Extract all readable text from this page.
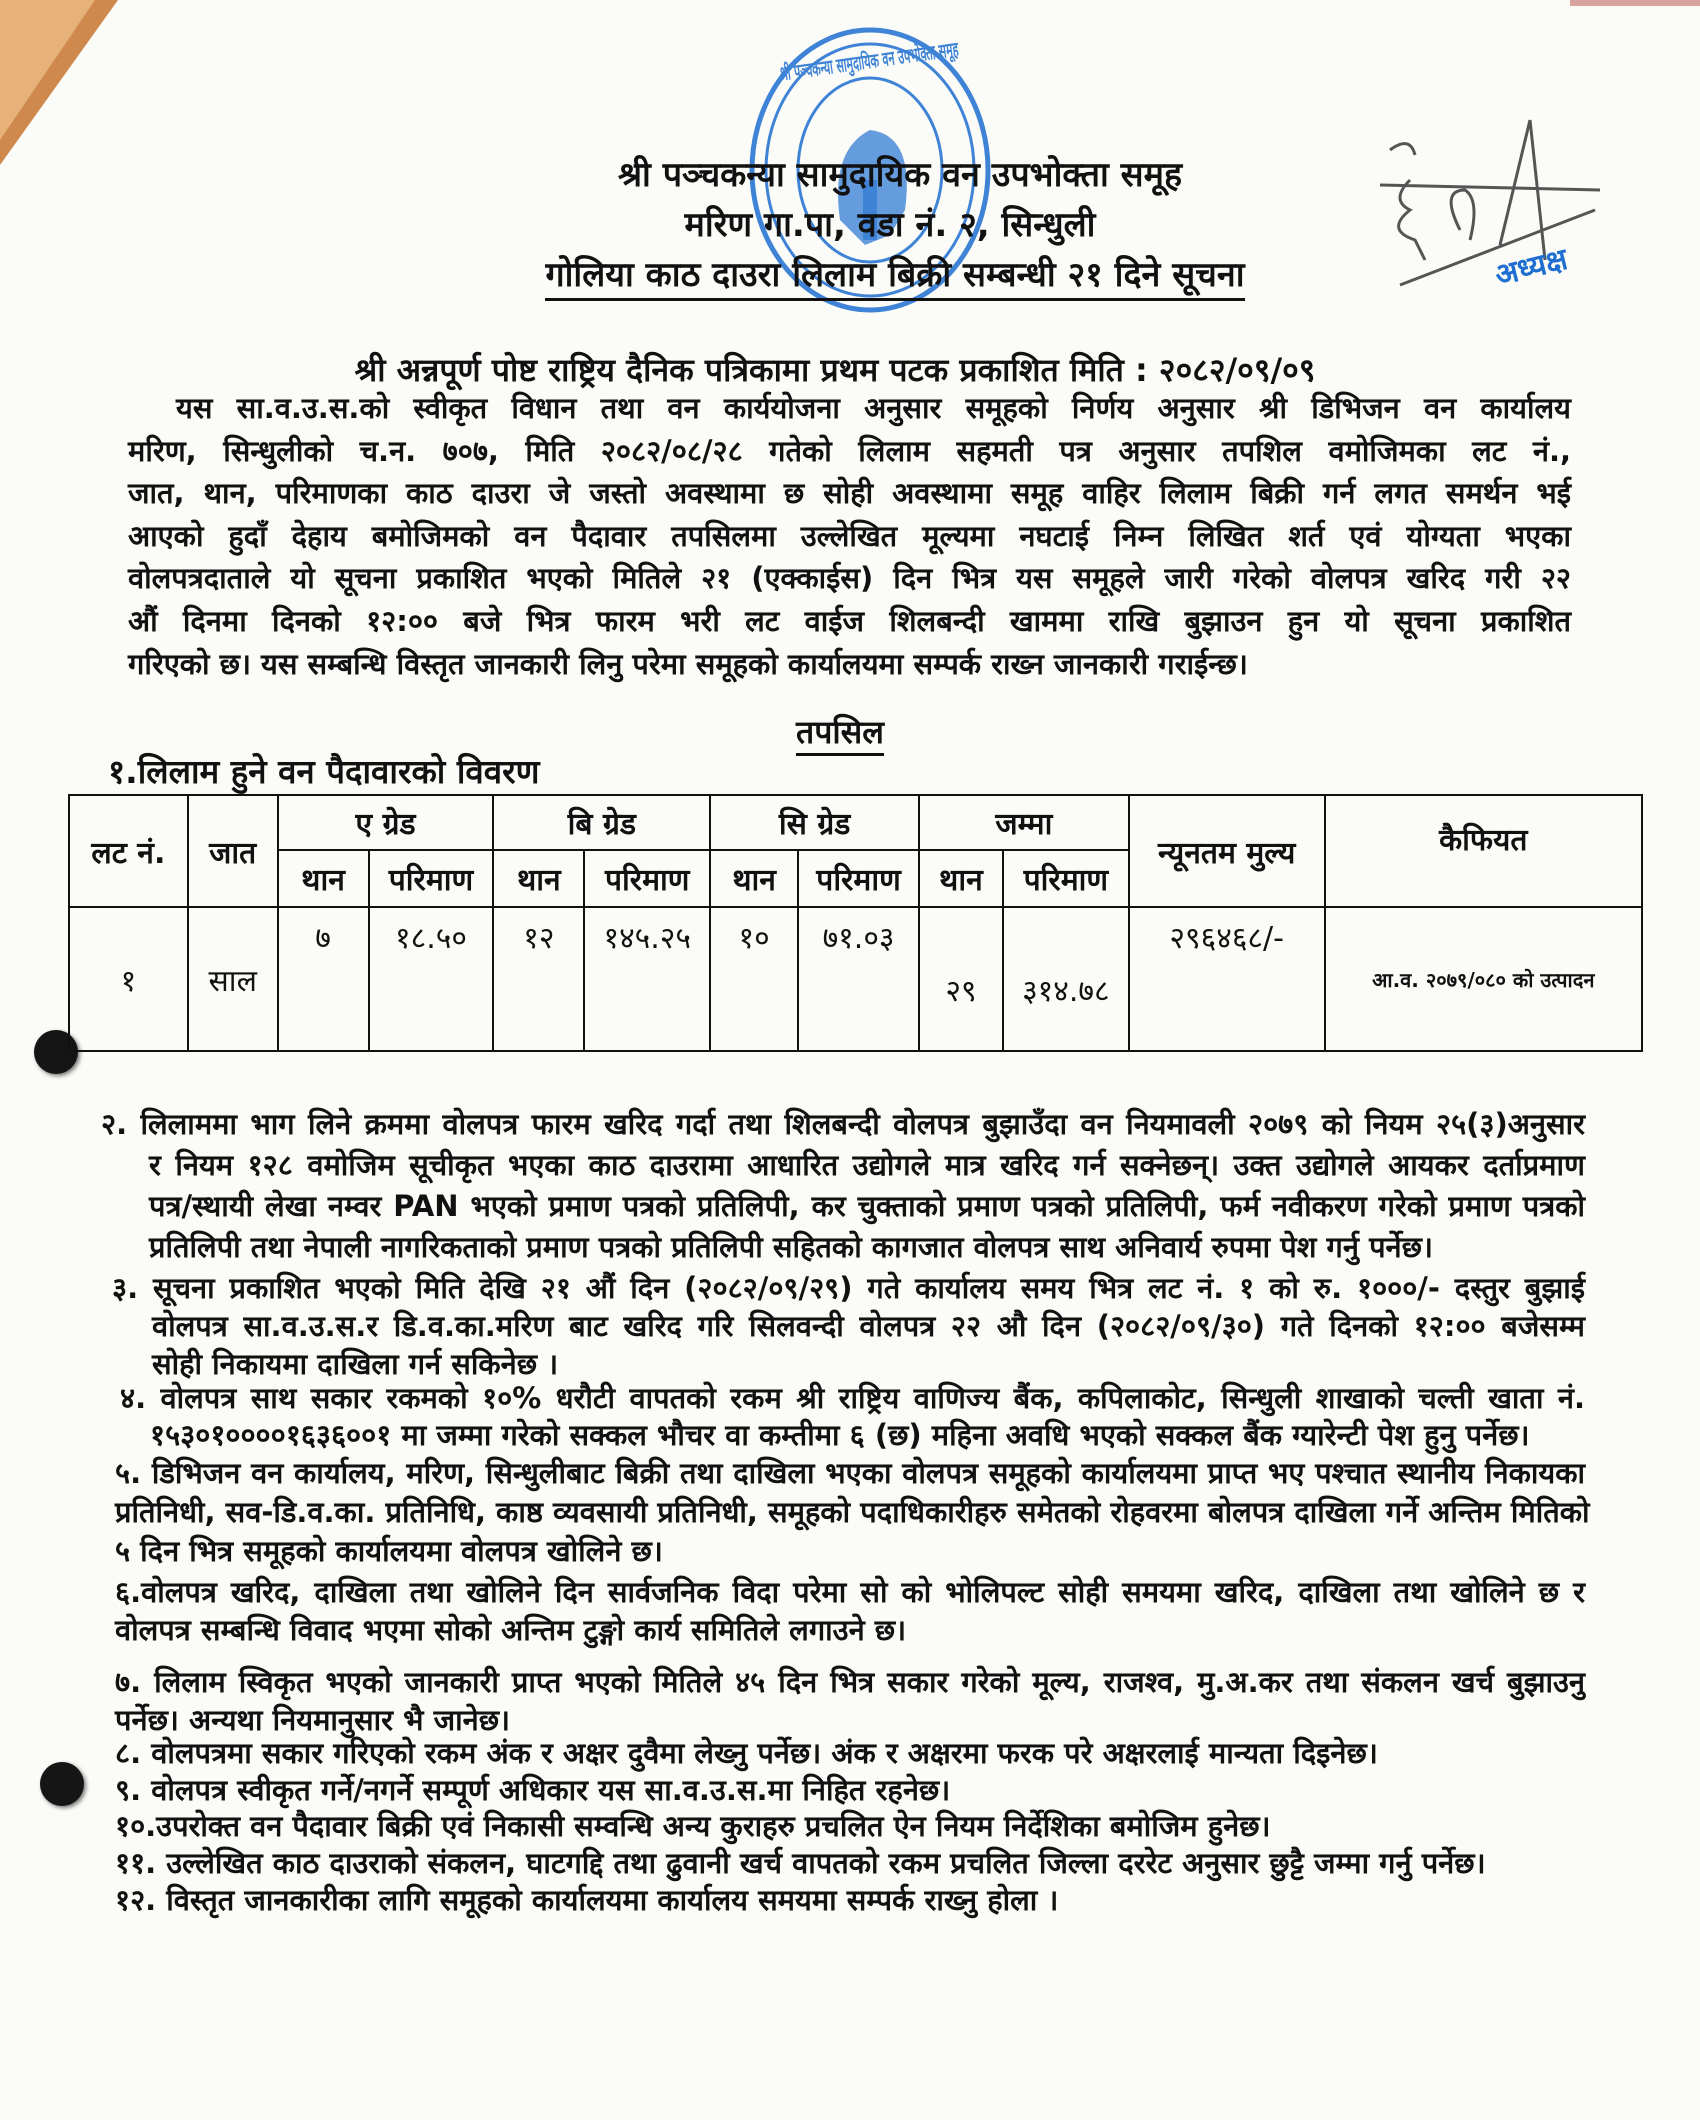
श्री पञ्चकन्या सामुदायिक वन उपभोक्ता समूह
अध्यक्ष
श्री पञ्चकन्या सामुदायिक वन उपभोक्ता समूह
मरिण गा.पा, वडा नं. २, सिन्धुली
गोलिया काठ दाउरा लिलाम बिक्री सम्बन्धी २१ दिने सूचना
श्री अन्नपूर्ण पोष्ट राष्ट्रिय दैनिक पत्रिकामा प्रथम पटक प्रकाशित मिति : २०८२/०९/०९
यस सा.व.उ.स.को स्वीकृत विधान तथा वन कार्ययोजना अनुसार समूहको निर्णय अनुसार श्री डिभिजन वन कार्यालय
मरिण, सिन्धुलीको च.न. ७०७, मिति २०८२/०८/२८ गतेको लिलाम सहमती पत्र अनुसार तपशिल वमोजिमका लट नं.,
जात, थान, परिमाणका काठ दाउरा जे जस्तो अवस्थामा छ सोही अवस्थामा समूह वाहिर लिलाम बिक्री गर्न लगत समर्थन भई
आएको हुदाँ देहाय बमोजिमको वन पैदावार तपसिलमा उल्लेखित मूल्यमा नघटाई निम्न लिखित शर्त एवं योग्यता भएका
वोलपत्रदाताले यो सूचना प्रकाशित भएको मितिले २१ (एक्काईस) दिन भित्र यस समूहले जारी गरेको वोलपत्र खरिद गरी २२
औं दिनमा दिनको १२:०० बजे भित्र फारम भरी लट वाईज शिलबन्दी खाममा राखि बुझाउन हुन यो सूचना प्रकाशित
गरिएको छ। यस सम्बन्धि विस्तृत जानकारी लिनु परेमा समूहको कार्यालयमा सम्पर्क राख्न जानकारी गराईन्छ।
तपसिल
१.लिलाम हुने वन पैदावारको विवरण
लट नं.	जात	ए ग्रेड		बि ग्रेड		सि ग्रेड		जम्मा		न्यूनतम मुल्य	कैफियत
		थान	परिमाण	थान	परिमाण	थान	परिमाण	थान	परिमाण		
१	साल	७	१८.५०	१२	१४५.२५	१०	७१.०३	२९	३१४.७८	२९६४६८/-	आ.व. २०७९/०८० को उत्पादन
२. लिलाममा भाग लिने क्रममा वोलपत्र फारम खरिद गर्दा तथा शिलबन्दी वोलपत्र बुझाउँदा वन नियमावली २०७९ को नियम २५(३)अनुसार
र नियम १२८ वमोजिम सूचीकृत भएका काठ दाउरामा आधारित उद्योगले मात्र खरिद गर्न सक्नेछन्। उक्त उद्योगले आयकर दर्ताप्रमाण
पत्र/स्थायी लेखा नम्वर PAN भएको प्रमाण पत्रको प्रतिलिपी, कर चुक्ताको प्रमाण पत्रको प्रतिलिपी, फर्म नवीकरण गरेको प्रमाण पत्रको
प्रतिलिपी तथा नेपाली नागरिकताको प्रमाण पत्रको प्रतिलिपी सहितको कागजात वोलपत्र साथ अनिवार्य रुपमा पेश गर्नु पर्नेछ।
३. सूचना प्रकाशित भएको मिति देखि २१ औं दिन (२०८२/०९/२९) गते कार्यालय समय भित्र लट नं. १ को रु. १०००/- दस्तुर बुझाई
वोलपत्र सा.व.उ.स.र डि.व.का.मरिण बाट खरिद गरि सिलवन्दी वोलपत्र २२ औ दिन (२०८२/०९/३०) गते दिनको १२:०० बजेसम्म
सोही निकायमा दाखिला गर्न सकिनेछ ।
४. वोलपत्र साथ सकार रकमको १०% धरौटी वापतको रकम श्री राष्ट्रिय वाणिज्य बैंक, कपिलाकोट, सिन्धुली शाखाको चल्ती खाता नं.
१५३०१००००१६३६००१ मा जम्मा गरेको सक्कल भौचर वा कम्तीमा ६ (छ) महिना अवधि भएको सक्कल बैंक ग्यारेन्टी पेश हुनु पर्नेछ।
५. डिभिजन वन कार्यालय, मरिण, सिन्धुलीबाट बिक्री तथा दाखिला भएका वोलपत्र समूहको कार्यालयमा प्राप्त भए पश्चात स्थानीय निकायका
प्रतिनिधी, सव-डि.व.का. प्रतिनिधि, काष्ठ व्यवसायी प्रतिनिधी, समूहको पदाधिकारीहरु समेतको रोहवरमा बोलपत्र दाखिला गर्ने अन्तिम मितिको
५ दिन भित्र समूहको कार्यालयमा वोलपत्र खोलिने छ।
६.वोलपत्र खरिद, दाखिला तथा खोलिने दिन सार्वजनिक विदा परेमा सो को भोलिपल्ट सोही समयमा खरिद, दाखिला तथा खोलिने छ र
वोलपत्र सम्बन्धि विवाद भएमा सोको अन्तिम टुङ्गो कार्य समितिले लगाउने छ।
७. लिलाम स्विकृत भएको जानकारी प्राप्त भएको मितिले ४५ दिन भित्र सकार गरेको मूल्य, राजश्व, मु.अ.कर तथा संकलन खर्च बुझाउनु
पर्नेछ। अन्यथा नियमानुसार भै जानेछ।
८. वोलपत्रमा सकार गरिएको रकम अंक र अक्षर दुवैमा लेख्नु पर्नेछ। अंक र अक्षरमा फरक परे अक्षरलाई मान्यता दिइनेछ।
९. वोलपत्र स्वीकृत गर्ने/नगर्ने सम्पूर्ण अधिकार यस सा.व.उ.स.मा निहित रहनेछ।
१०.उपरोक्त वन पैदावार बिक्री एवं निकासी सम्वन्धि अन्य कुराहरु प्रचलित ऐन नियम निर्देशिका बमोजिम हुनेछ।
११. उल्लेखित काठ दाउराको संकलन, घाटगद्दि तथा ढुवानी खर्च वापतको रकम प्रचलित जिल्ला दररेट अनुसार छुट्टै जम्मा गर्नु पर्नेछ।
१२. विस्तृत जानकारीका लागि समूहको कार्यालयमा कार्यालय समयमा सम्पर्क राख्नु होला ।
